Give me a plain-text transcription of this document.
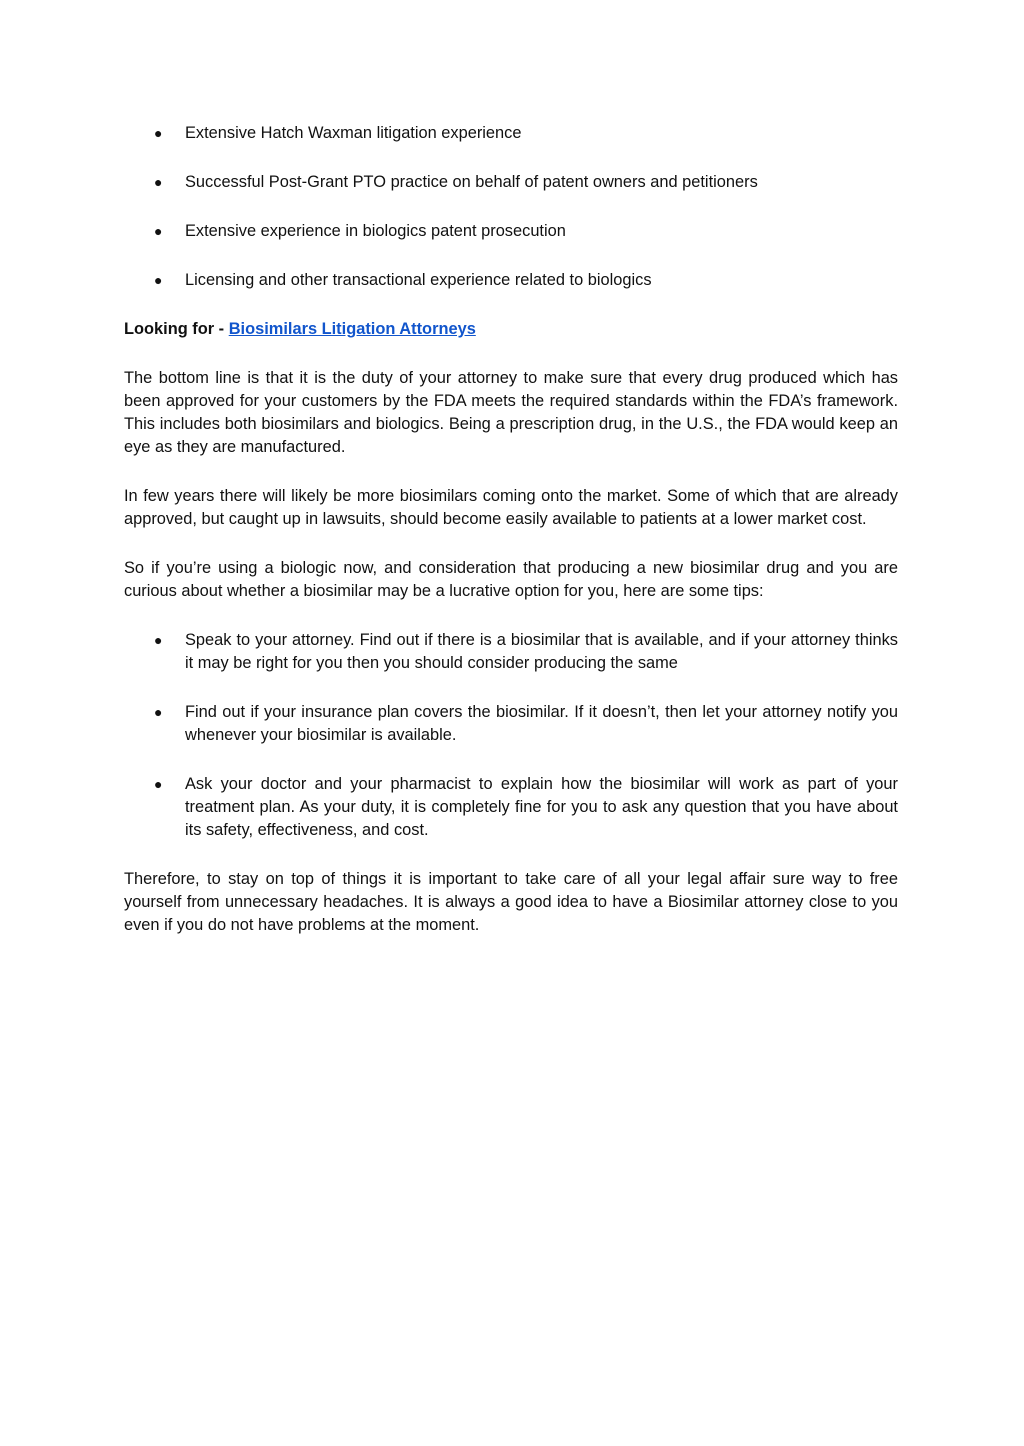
● Extensive Hatch Waxman litigation experience
● Successful Post-Grant PTO practice on behalf of patent owners and petitioners
● Extensive experience in biologics patent prosecution
● Licensing and other transactional experience related to biologics

Looking for - Biosimilars Litigation Attorneys

The bottom line is that it is the duty of your attorney to make sure that every drug produced which has been approved for your customers by the FDA meets the required standards within the FDA’s framework. This includes both biosimilars and biologics. Being a prescription drug, in the U.S., the FDA would keep an eye as they are manufactured.

In few years there will likely be more biosimilars coming onto the market. Some of which that are already approved, but caught up in lawsuits, should become easily available to patients at a lower market cost.

So if you’re using a biologic now, and consideration that producing a new biosimilar drug and you are curious about whether a biosimilar may be a lucrative option for you, here are some tips:

● Speak to your attorney. Find out if there is a biosimilar that is available, and if your attorney thinks it may be right for you then you should consider producing the same
● Find out if your insurance plan covers the biosimilar. If it doesn’t, then let your attorney notify you whenever your biosimilar is available.
● Ask your doctor and your pharmacist to explain how the biosimilar will work as part of your treatment plan. As your duty, it is completely fine for you to ask any question that you have about its safety, effectiveness, and cost.

Therefore, to stay on top of things it is important to take care of all your legal affair sure way to free yourself from unnecessary headaches. It is always a good idea to have a Biosimilar attorney close to you even if you do not have problems at the moment.
